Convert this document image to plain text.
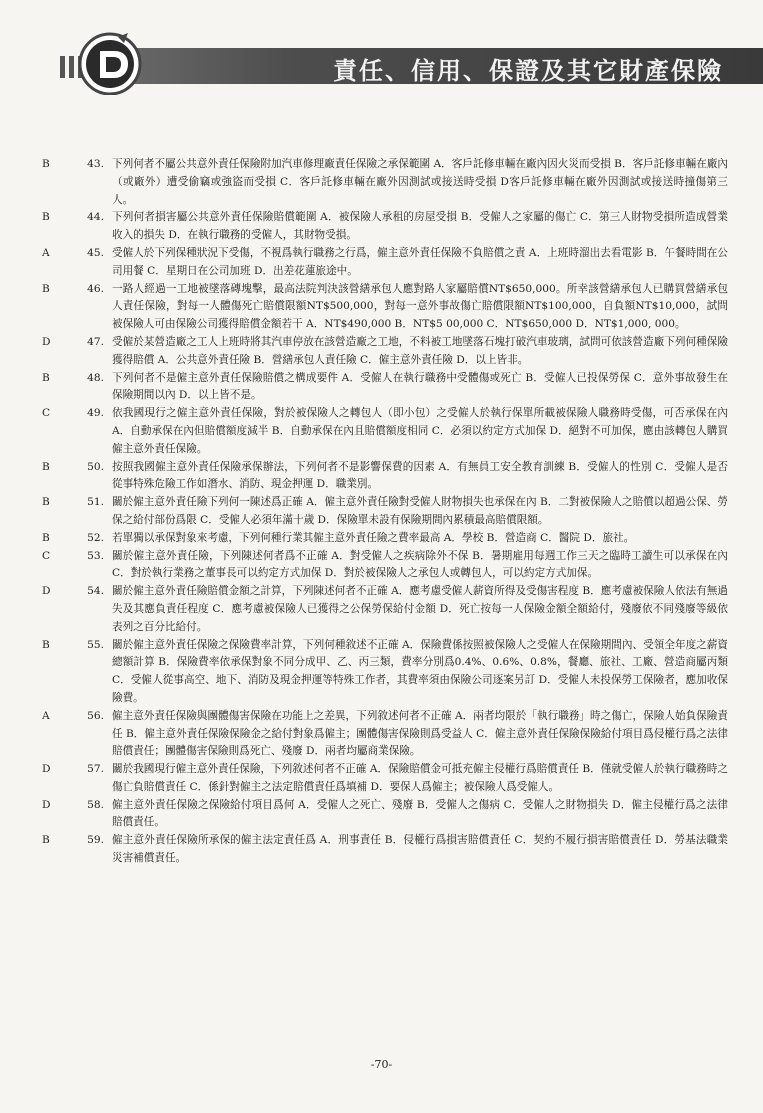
責任、信用、保證及其它財產保險
B	43. 下列何者不屬公共意外責任保險附加汽車修理廠責任保險之承保範圍 A．客戶託修車輛在廠內因火災而受損 B．客戶託修車輛在廠內（或廠外）遭受偷竊或強盜而受損 C．客戶託修車輛在廠外因測試或接送時受損 D客戶託修車輛在廠外因測試或接送時撞傷第三人。
B	44. 下列何者損害屬公共意外責任保險賠償範圍 A．被保險人承租的房屋受損 B．受僱人之家屬的傷亡 C．第三人財物受損所造成營業收入的損失 D．在執行職務的受僱人，其財物受損。
A	45. 受僱人於下列保種狀況下受傷，不視爲執行職務之行爲，僱主意外責任保險不負賠償之責 A．上班時溜出去看電影 B．午餐時間在公司用餐 C．星期日在公司加班 D．出差花蓮旅途中。
B	46. 一路人經過一工地被墜落磚塊擊，最高法院判決該營繕承包人應對路人家屬賠償NT$650,000。所幸該營繕承包人已購買營繕承包人責任保險，對每一人體傷死亡賠償限額NT$500,000，對每一意外事故傷亡賠償限額NT$100,000，自負額NT$10,000，試問被保險人可由保險公司獲得賠償金額若干 A．NT$490,000 B．NT$5 00,000 C．NT$650,000 D．NT$1,000, 000。
D	47. 受僱於某營造廠之工人上班時將其汽車停放在該營造廠之工地，不料被工地墜落石塊打破汽車玻璃，試問可依該營造廠下列何種保險獲得賠償 A．公共意外責任險 B．營繕承包人責任險 C．僱主意外責任險 D．以上皆非。
B	48. 下列何者不是僱主意外責任保險賠償之構成要件 A．受僱人在執行職務中受體傷或死亡 B．受僱人已投保勞保 C．意外事故發生在保險期間以內 D．以上皆不是。
C	49. 依我國現行之僱主意外責任保險，對於被保險人之轉包人（即小包）之受僱人於執行保單所載被保險人職務時受傷，可否承保在內 A．自動承保在內但賠償額度減半 B．自動承保在內且賠償額度相同 C．必須以約定方式加保 D．絕對不可加保，應由該轉包人購買僱主意外責任保險。
B	50. 按照我國僱主意外責任保險承保辦法，下列何者不是影響保費的因素 A．有無員工安全教育訓練 B．受僱人的性別 C．受僱人是否從事特殊危險工作如潛水、消防、現金押運 D．職業別。
B	51. 關於僱主意外責任險下列何一陳述爲正確 A．僱主意外責任險對受僱人財物損失也承保在內 B．二對被保險人之賠償以超過公保、勞保之給付部份爲限 C．受僱人必須年滿十歲 D．保險單未設有保險期間內累積最高賠償限額。
B	52. 若單獨以承保對象來考慮，下列何種行業其僱主意外責任險之費率最高 A．學校 B．營造商 C．醫院 D．旅社。
C	53. 關於僱主意外責任險，下列陳述何者爲不正確 A．對受僱人之疾病除外不保 B．暑期雇用每週工作三天之臨時工讀生可以承保在內 C．對於執行業務之董事長可以約定方式加保 D．對於被保險人之承包人或轉包人，可以約定方式加保。
D	54. 關於僱主意外責任險賠償金額之計算，下列陳述何者不正確 A．應考慮受僱人薪資所得及受傷害程度 B．應考慮被保險人依法有無過失及其應負責任程度 C．應考慮被保險人已獲得之公保勞保給付金額 D．死亡按每一人保險金額全額給付，殘廢依不同殘廢等級依表列之百分比給付。
B	55. 關於僱主意外責任保險之保險費率計算，下列何種敘述不正確 A．保險費係按照被保險人之受僱人在保險期間內、受領全年度之薪資總額計算 B．保險費率依承保對象不同分成甲、乙、丙三類，費率分別爲0.4%、0.6%、0.8%，餐廳、旅社、工廠、營造商屬丙類 C．受僱人從事高空、地下、消防及現金押運等特殊工作者，其費率須由保險公司逐案另訂 D．受僱人未投保勞工保險者，應加收保險費。
A	56. 僱主意外責任保險與團體傷害保險在功能上之差異，下列敘述何者不正確 A．兩者均限於「執行職務」時之傷亡，保險人始負保險責任 B．僱主意外責任保險保險金之給付對象爲僱主；團體傷害保險則爲受益人 C．僱主意外責任保險保險給付項目爲侵權行爲之法律賠償責任；團體傷害保險則爲死亡、殘廢 D．兩者均屬商業保險。
D	57. 關於我國現行僱主意外責任保險，下列敘述何者不正確 A．保險賠償金可抵充僱主侵權行爲賠償責任 B．僅就受僱人於執行職務時之傷亡負賠償責任 C．係針對僱主之法定賠償責任爲填補 D．要保人爲僱主；被保險人爲受僱人。
D	58. 僱主意外責任保險之保險給付項目爲何 A．受僱人之死亡、殘廢 B．受僱人之傷病 C．受僱人之財物損失 D．僱主侵權行爲之法律賠償責任。
B	59. 僱主意外責任保險所承保的僱主法定責任爲 A．刑事責任 B．侵權行爲損害賠償責任 C．契約不履行損害賠償責任 D．勞基法職業災害補償責任。
-70-
